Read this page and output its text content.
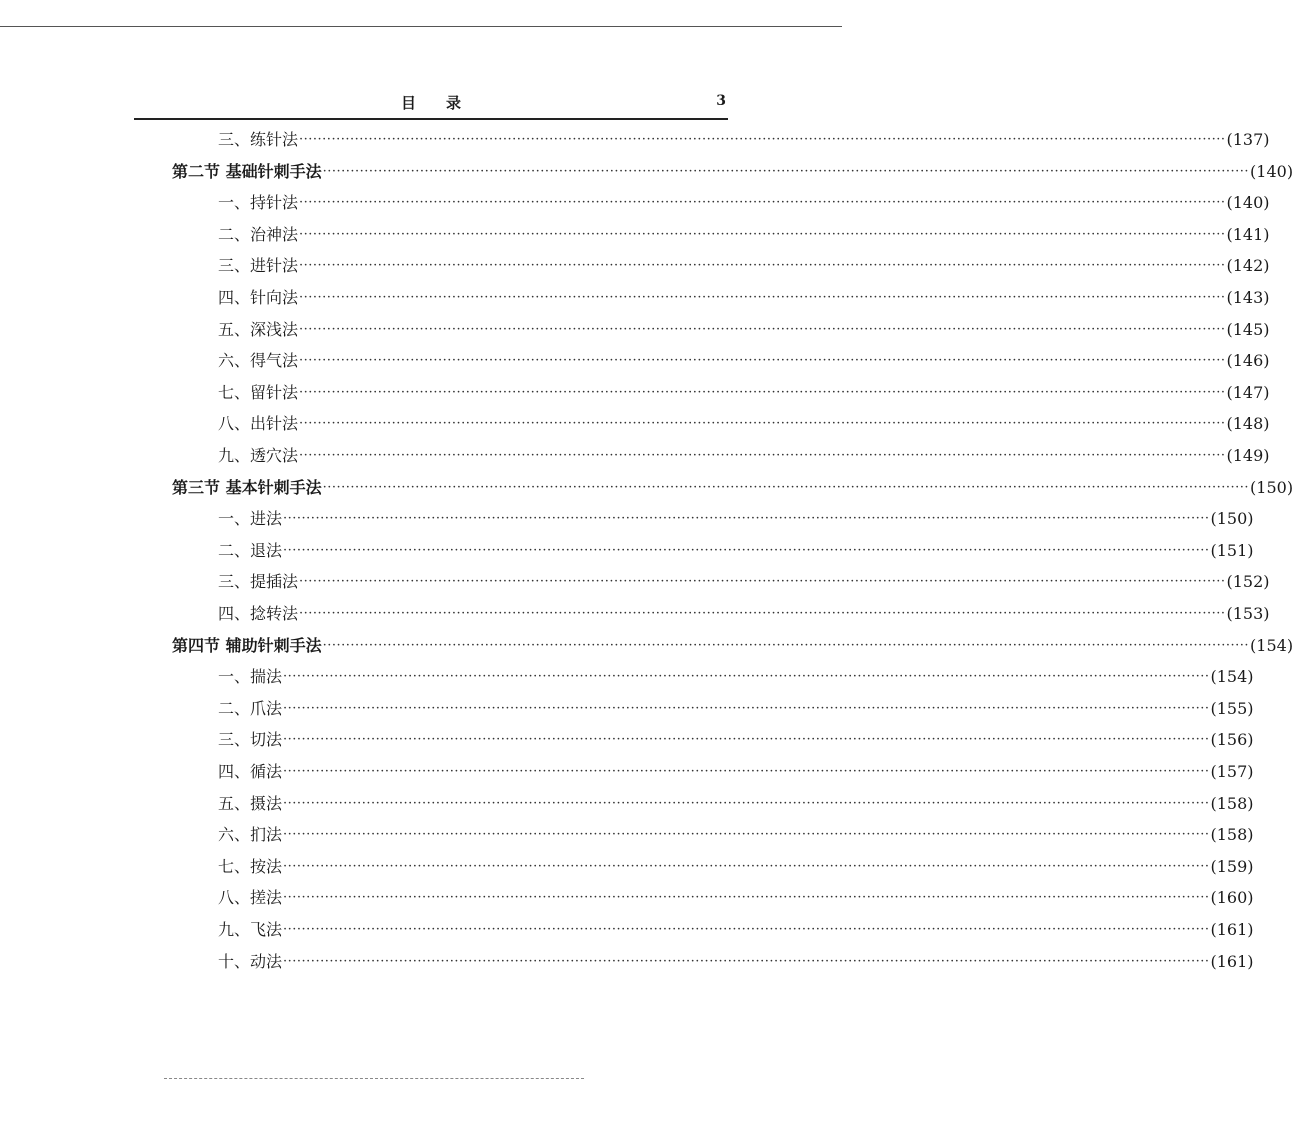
目录	3
三、练针法 ········································································································································································································ (137)
第二节 基础针刺手法 ········································································································································································································ (140)
一、持针法 ········································································································································································································ (140)
二、治神法 ········································································································································································································ (141)
三、进针法 ········································································································································································································ (142)
四、针向法 ········································································································································································································ (143)
五、深浅法 ········································································································································································································ (145)
六、得气法 ········································································································································································································ (146)
七、留针法 ········································································································································································································ (147)
八、出针法 ········································································································································································································ (148)
九、透穴法 ········································································································································································································ (149)
第三节 基本针刺手法 ········································································································································································································ (150)
一、进法 ········································································································································································································ (150)
二、退法 ········································································································································································································ (151)
三、提插法 ········································································································································································································ (152)
四、捻转法 ········································································································································································································ (153)
第四节 辅助针刺手法 ········································································································································································································ (154)
一、揣法 ········································································································································································································ (154)
二、爪法 ········································································································································································································ (155)
三、切法 ········································································································································································································ (156)
四、循法 ········································································································································································································ (157)
五、摄法 ········································································································································································································ (158)
六、扪法 ········································································································································································································ (158)
七、按法 ········································································································································································································ (159)
八、搓法 ········································································································································································································ (160)
九、飞法 ········································································································································································································ (161)
十、动法 ········································································································································································································ (161)
